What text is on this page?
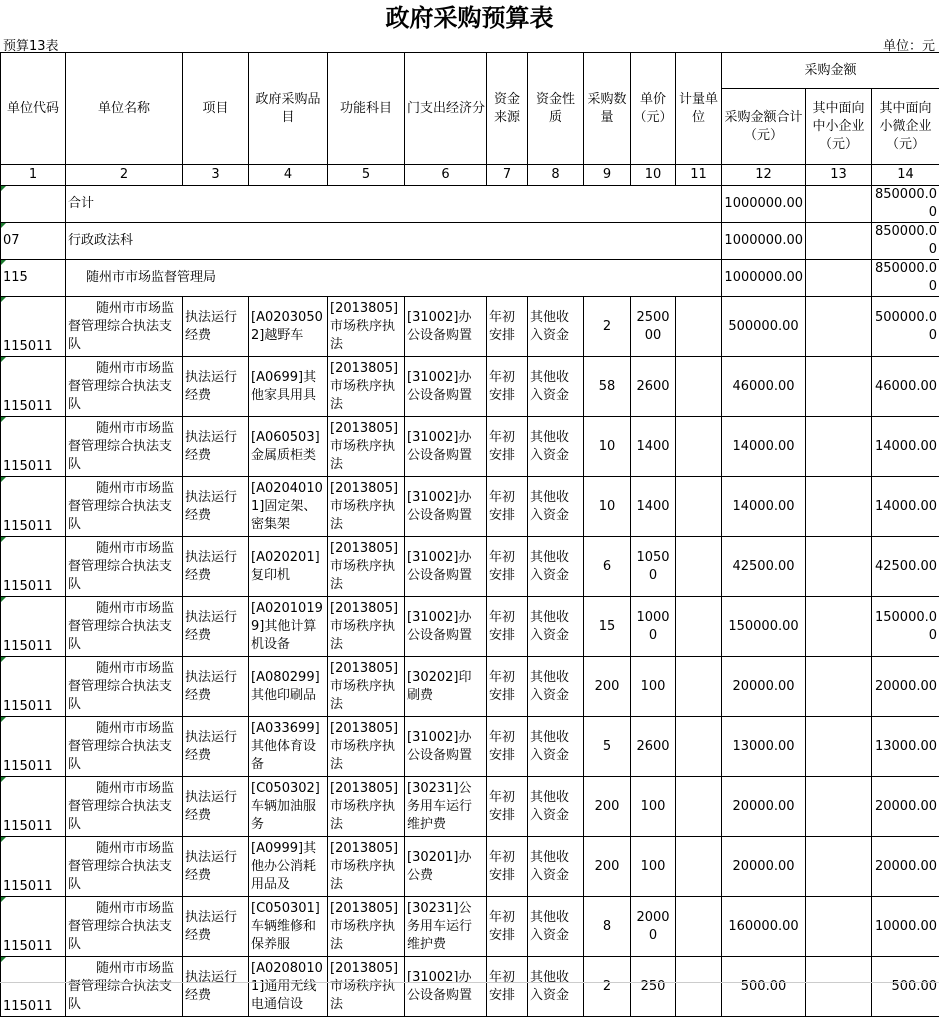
政府采购预算表
预算13表	单位：元
单位代码	单位名称	项目	政府采购品目	功能科目	门支出经济分	资金来源	资金性质	采购数量	单价（元）	计量单位	采购金额		
											采购金额合计（元）	其中面向中小企业（元）	其中面向小微企业（元）
1	2	3	4	5	6	7	8	9	10	11	12	13	14
	合计										1000000.00		850000.00
07	行政政法科										1000000.00		850000.00
115	随州市市场监督管理局										1000000.00		850000.00
115011	随州市市场监督管理综合执法支队	执法运行经费	[A02030502]越野车	[2013805]市场秩序执法	[31002]办公设备购置	年初安排	其他收入资金	2	250000		500000.00		500000.00
115011	随州市市场监督管理综合执法支队	执法运行经费	[A0699]其他家具用具	[2013805]市场秩序执法	[31002]办公设备购置	年初安排	其他收入资金	58	2600		46000.00		46000.00
115011	随州市市场监督管理综合执法支队	执法运行经费	[A060503]金属质柜类	[2013805]市场秩序执法	[31002]办公设备购置	年初安排	其他收入资金	10	1400		14000.00		14000.00
115011	随州市市场监督管理综合执法支队	执法运行经费	[A02040101]固定架、密集架	[2013805]市场秩序执法	[31002]办公设备购置	年初安排	其他收入资金	10	1400		14000.00		14000.00
115011	随州市市场监督管理综合执法支队	执法运行经费	[A020201]复印机	[2013805]市场秩序执法	[31002]办公设备购置	年初安排	其他收入资金	6	10500		42500.00		42500.00
115011	随州市市场监督管理综合执法支队	执法运行经费	[A02010199]其他计算机设备	[2013805]市场秩序执法	[31002]办公设备购置	年初安排	其他收入资金	15	10000		150000.00		150000.00
115011	随州市市场监督管理综合执法支队	执法运行经费	[A080299]其他印刷品	[2013805]市场秩序执法	[30202]印刷费	年初安排	其他收入资金	200	100		20000.00		20000.00
115011	随州市市场监督管理综合执法支队	执法运行经费	[A033699]其他体育设备	[2013805]市场秩序执法	[31002]办公设备购置	年初安排	其他收入资金	5	2600		13000.00		13000.00
115011	随州市市场监督管理综合执法支队	执法运行经费	[C050302]车辆加油服务	[2013805]市场秩序执法	[30231]公务用车运行维护费	年初安排	其他收入资金	200	100		20000.00		20000.00
115011	随州市市场监督管理综合执法支队	执法运行经费	[A0999]其他办公消耗用品及	[2013805]市场秩序执法	[30201]办公费	年初安排	其他收入资金	200	100		20000.00		20000.00
115011	随州市市场监督管理综合执法支队	执法运行经费	[C050301]车辆维修和保养服	[2013805]市场秩序执法	[30231]公务用车运行维护费	年初安排	其他收入资金	8	20000		160000.00		10000.00
115011	随州市市场监督管理综合执法支队	执法运行经费	[A02080101]通用无线电通信设	[2013805]市场秩序执法	[31002]办公设备购置	年初安排	其他收入资金	2	250		500.00		500.00
